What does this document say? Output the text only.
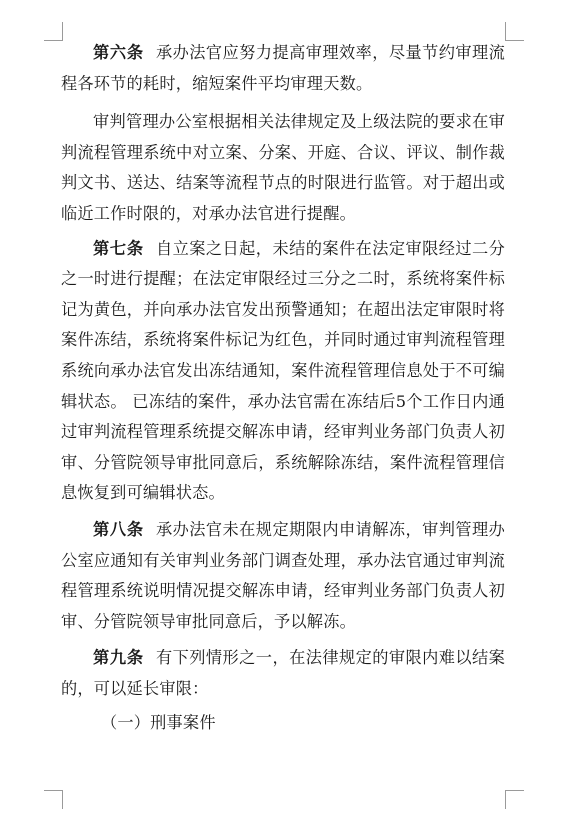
第六条 承办法官应努力提高审理效率，尽量节约审理流程各环节的耗时，缩短案件平均审理天数。

审判管理办公室根据相关法律规定及上级法院的要求在审判流程管理系统中对立案、分案、开庭、合议、评议、制作裁判文书、送达、结案等流程节点的时限进行监管。对于超出或临近工作时限的，对承办法官进行提醒。

第七条 自立案之日起，未结的案件在法定审限经过二分之一时进行提醒；在法定审限经过三分之二时，系统将案件标记为黄色，并向承办法官发出预警通知；在超出法定审限时将案件冻结，系统将案件标记为红色，并同时通过审判流程管理系统向承办法官发出冻结通知，案件流程管理信息处于不可编辑状态。 已冻结的案件，承办法官需在冻结后5个工作日内通过审判流程管理系统提交解冻申请，经审判业务部门负责人初审、分管院领导审批同意后，系统解除冻结，案件流程管理信息恢复到可编辑状态。

第八条 承办法官未在规定期限内申请解冻，审判管理办公室应通知有关审判业务部门调查处理，承办法官通过审判流程管理系统说明情况提交解冻申请，经审判业务部门负责人初审、分管院领导审批同意后，予以解冻。

第九条 有下列情形之一，在法律规定的审限内难以结案的，可以延长审限：

（一）刑事案件
